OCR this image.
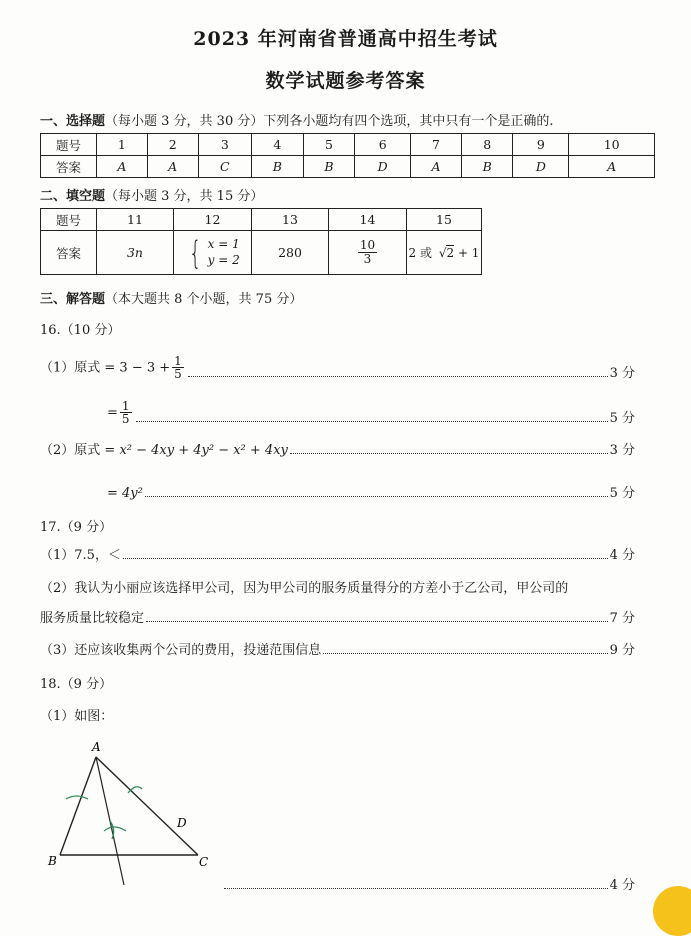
2023 年河南省普通高中招生考试
数学试题参考答案
一、选择题（每小题 3 分，共 30 分）下列各小题均有四个选项，其中只有一个是正确的.
题号	1	2	3	4	5	6	7	8	9	10
答案	A	A	C	B	B	D	A	B	D	A
二、填空题（每小题 3 分，共 15 分）
题号	11	12	13	14	15
答案	3n	{ x = 1
y = 2	280	$\frac{10}{3}$	2 或 √2 + 1
三、解答题（本大题共 8 个小题，共 75 分）
16.（10 分）
（1）原式 = $3 - 3 + \frac{1}{5}$	3 分
= $\frac{1}{5}$	5 分
（2）原式 = x² − 4xy + 4y² − x² + 4xy	3 分
= 4y²	5 分
17.（9 分）
（1）7.5，＜	4 分
（2）我认为小丽应该选择甲公司，因为甲公司的服务质量得分的方差小于乙公司，甲公司的
服务质量比较稳定	7 分
（3）还应该收集两个公司的费用，投递范围信息	9 分
18.（9 分）
（1）如图：
A
B	C
D
4 分
